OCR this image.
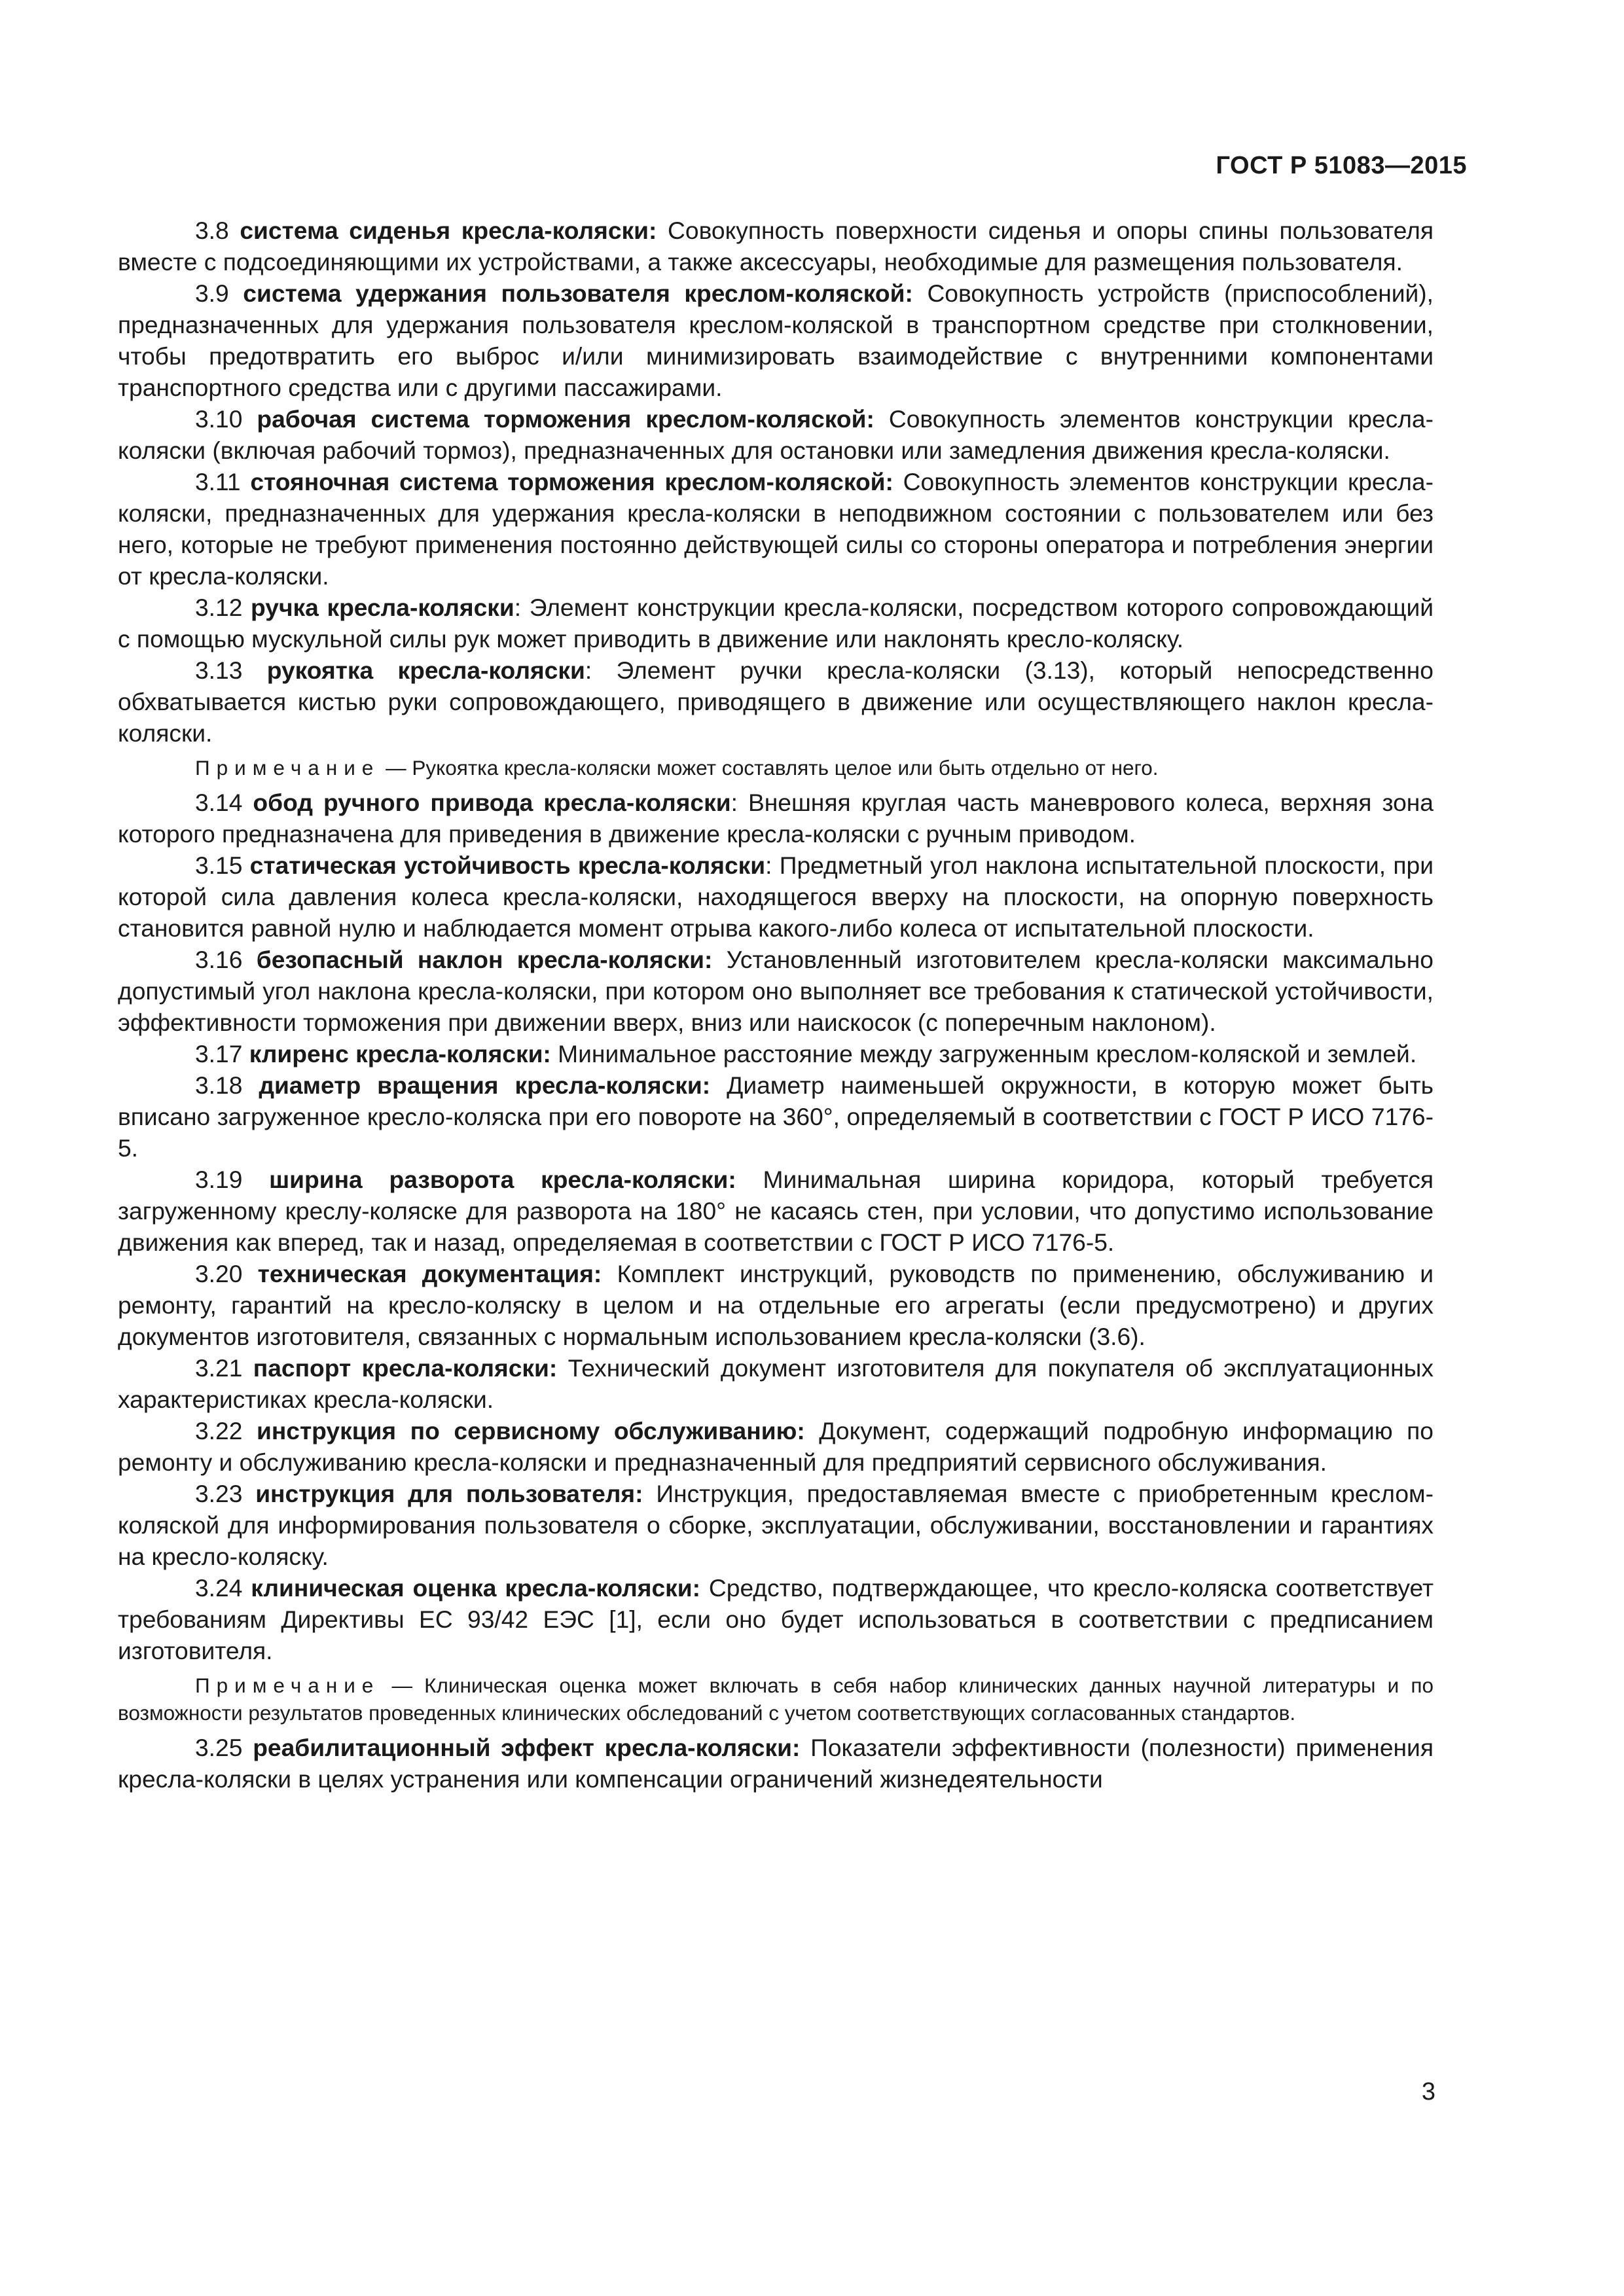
ГОСТ Р 51083—2015

3.8 система сиденья кресла-коляски: Совокупность поверхности сиденья и опоры спины пользователя вместе с подсоединяющими их устройствами, а также аксессуары, необходимые для размещения пользователя.

3.9 система удержания пользователя креслом-коляской: Совокупность устройств (приспособлений), предназначенных для удержания пользователя креслом-коляской в транспортном средстве при столкновении, чтобы предотвратить его выброс и/или минимизировать взаимодействие с внутренними компонентами транспортного средства или с другими пассажирами.

3.10 рабочая система торможения креслом-коляской: Совокупность элементов конструкции кресла-коляски (включая рабочий тормоз), предназначенных для остановки или замедления движения кресла-коляски.

3.11 стояночная система торможения креслом-коляской: Совокупность элементов конструкции кресла-коляски, предназначенных для удержания кресла-коляски в неподвижном состоянии с пользователем или без него, которые не требуют применения постоянно действующей силы со стороны оператора и потребления энергии от кресла-коляски.

3.12 ручка кресла-коляски: Элемент конструкции кресла-коляски, посредством которого сопровождающий с помощью мускульной силы рук может приводить в движение или наклонять кресло-коляску.

3.13 рукоятка кресла-коляски: Элемент ручки кресла-коляски (3.13), который непосредственно обхватывается кистью руки сопровождающего, приводящего в движение или осуществляющего наклон кресла-коляски.

Примечание — Рукоятка кресла-коляски может составлять целое или быть отдельно от него.

3.14 обод ручного привода кресла-коляски: Внешняя круглая часть маневрового колеса, верхняя зона которого предназначена для приведения в движение кресла-коляски с ручным приводом.

3.15 статическая устойчивость кресла-коляски: Предметный угол наклона испытательной плоскости, при которой сила давления колеса кресла-коляски, находящегося вверху на плоскости, на опорную поверхность становится равной нулю и наблюдается момент отрыва какого-либо колеса от испытательной плоскости.

3.16 безопасный наклон кресла-коляски: Установленный изготовителем кресла-коляски максимально допустимый угол наклона кресла-коляски, при котором оно выполняет все требования к статической устойчивости, эффективности торможения при движении вверх, вниз или наискосок (с поперечным наклоном).

3.17 клиренс кресла-коляски: Минимальное расстояние между загруженным креслом-коляской и землей.

3.18 диаметр вращения кресла-коляски: Диаметр наименьшей окружности, в которую может быть вписано загруженное кресло-коляска при его повороте на 360°, определяемый в соответствии с ГОСТ Р ИСО 7176-5.

3.19 ширина разворота кресла-коляски: Минимальная ширина коридора, который требуется загруженному креслу-коляске для разворота на 180° не касаясь стен, при условии, что допустимо использование движения как вперед, так и назад, определяемая в соответствии с ГОСТ Р ИСО 7176-5.

3.20 техническая документация: Комплект инструкций, руководств по применению, обслуживанию и ремонту, гарантий на кресло-коляску в целом и на отдельные его агрегаты (если предусмотрено) и других документов изготовителя, связанных с нормальным использованием кресла-коляски (3.6).

3.21 паспорт кресла-коляски: Технический документ изготовителя для покупателя об эксплуатационных характеристиках кресла-коляски.

3.22 инструкция по сервисному обслуживанию: Документ, содержащий подробную информацию по ремонту и обслуживанию кресла-коляски и предназначенный для предприятий сервисного обслуживания.

3.23 инструкция для пользователя: Инструкция, предоставляемая вместе с приобретенным креслом-коляской для информирования пользователя о сборке, эксплуатации, обслуживании, восстановлении и гарантиях на кресло-коляску.

3.24 клиническая оценка кресла-коляски: Средство, подтверждающее, что кресло-коляска соответствует требованиям Директивы ЕС 93/42 ЕЭС [1], если оно будет использоваться в соответствии с предписанием изготовителя.

Примечание — Клиническая оценка может включать в себя набор клинических данных научной литературы и по возможности результатов проведенных клинических обследований с учетом соответствующих согласованных стандартов.

3.25 реабилитационный эффект кресла-коляски: Показатели эффективности (полезности) применения кресла-коляски в целях устранения или компенсации ограничений жизнедеятельности

3
